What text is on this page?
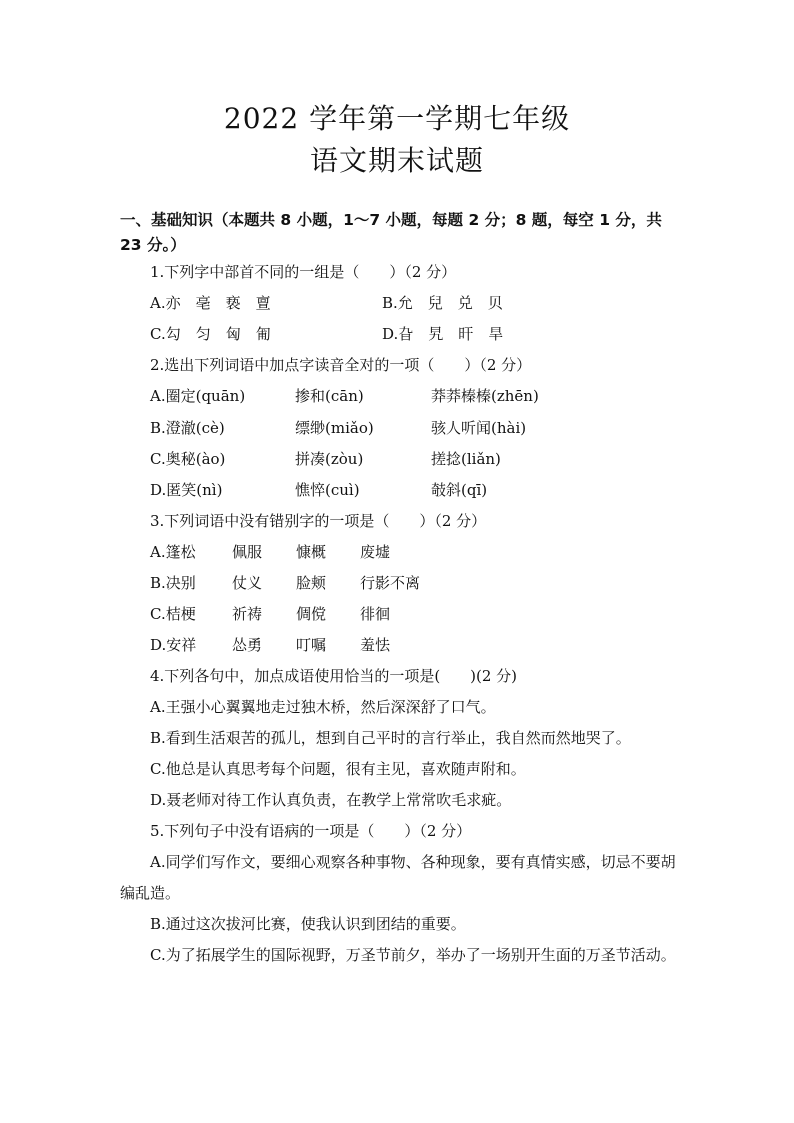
2022 学年第一学期七年级
语文期末试题
一、基础知识（本题共 8 小题，1～7 小题，每题 2 分；8 题，每空 1 分，共 23 分。）
1.下列字中部首不同的一组是（　　）（2 分）
A.亦　亳　亵　亶	B.允　兒　兑　贝
C.勾　匀　匈　匍	D.旮　旯　旰　旱
2.选出下列词语中加点字读音全对的一项（　　）（2 分）
A.圈定(quān)	掺和(cān)	莽莽榛榛(zhēn)
B.澄澈(cè)	缥缈(miǎo)	骇人听闻(hài)
C.奥秘(ào)	拼凑(zòu)	搓捻(liǎn)
D.匿笑(nì)	憔悴(cuì)	攲斜(qī)
3.下列词语中没有错别字的一项是（　　）（2 分）
A.篷松 佩服 慷概 废墟
B.决别 仗义 脸颊 行影不离
C.桔梗 祈祷 倜傥 徘徊
D.安祥 怂勇 叮嘱 羞怯
4.下列各句中，加点成语使用恰当的一项是(　　)(2 分)
A.王强小心翼翼地走过独木桥，然后深深舒了口气。
B.看到生活艰苦的孤儿，想到自己平时的言行举止，我自然而然地哭了。
C.他总是认真思考每个问题，很有主见，喜欢随声附和。
D.聂老师对待工作认真负责，在教学上常常吹毛求疵。
5.下列句子中没有语病的一项是（　　）（2 分）
A.同学们写作文，要细心观察各种事物、各种现象，要有真情实感，切忌不要胡编乱造。
B.通过这次拔河比赛，使我认识到团结的重要。
C.为了拓展学生的国际视野，万圣节前夕，举办了一场别开生面的万圣节活动。
